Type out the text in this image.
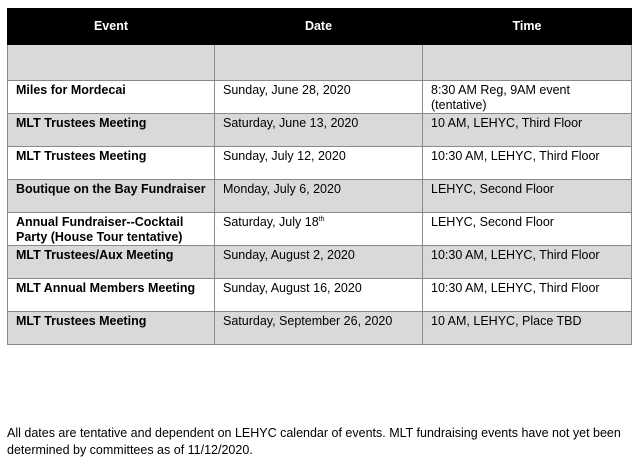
Event	Date	Time

Miles for Mordecai	Sunday, June 28, 2020	8:30 AM Reg, 9AM event (tentative)
MLT Trustees Meeting	Saturday, June 13, 2020	10 AM, LEHYC, Third Floor
MLT Trustees Meeting	Sunday, July 12, 2020	10:30 AM, LEHYC, Third Floor
Boutique on the Bay Fundraiser	Monday, July 6, 2020	LEHYC, Second Floor
Annual Fundraiser--Cocktail Party (House Tour tentative)	Saturday, July 18th	LEHYC, Second Floor
MLT Trustees/Aux Meeting	Sunday, August 2, 2020	10:30 AM, LEHYC, Third Floor
MLT Annual Members Meeting	Sunday, August 16, 2020	10:30 AM, LEHYC, Third Floor
MLT Trustees Meeting	Saturday, September 26, 2020	10 AM, LEHYC, Place TBD

All dates are tentative and dependent on LEHYC calendar of events. MLT fundraising events have not yet been determined by committees as of 11/12/2020.
